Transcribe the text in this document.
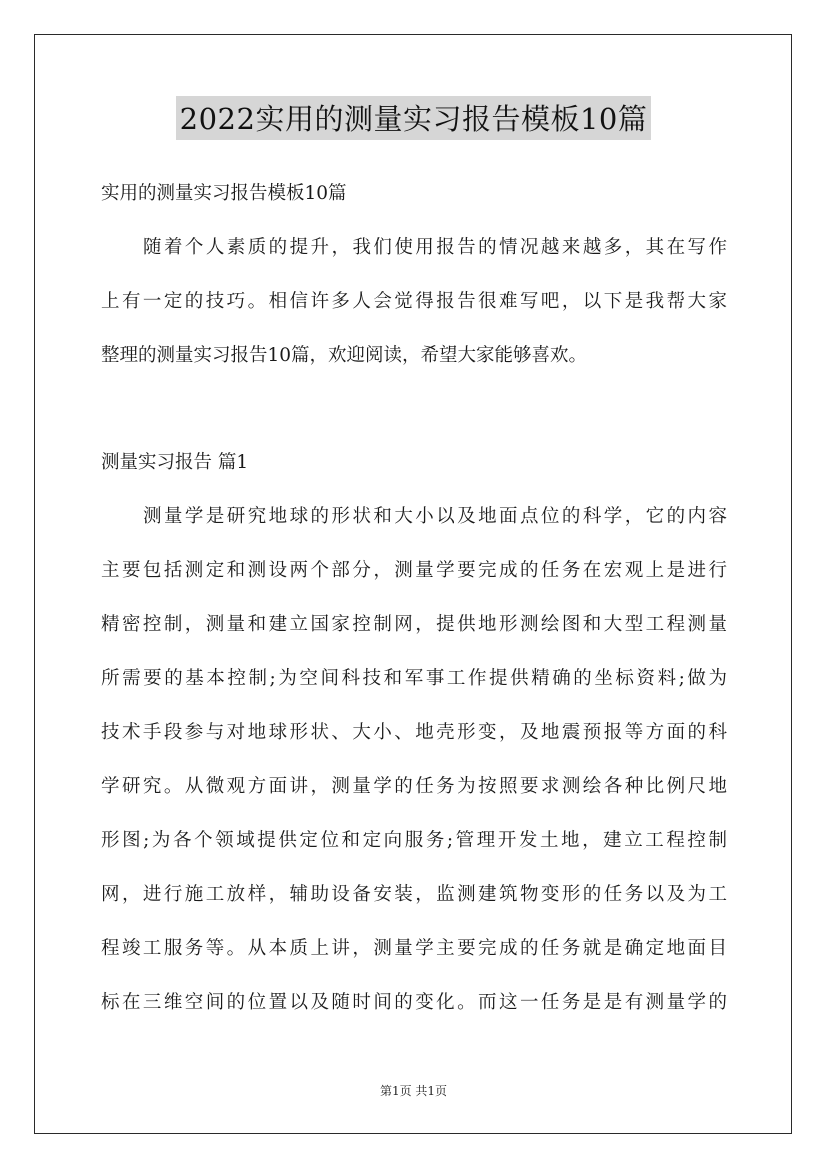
2022实用的测量实习报告模板10篇
实用的测量实习报告模板10篇
随着个人素质的提升，我们使用报告的情况越来越多，其在写作
上有一定的技巧。相信许多人会觉得报告很难写吧，以下是我帮大家
整理的测量实习报告10篇，欢迎阅读，希望大家能够喜欢。
测量实习报告 篇1
测量学是研究地球的形状和大小以及地面点位的科学，它的内容
主要包括测定和测设两个部分，测量学要完成的任务在宏观上是进行
精密控制，测量和建立国家控制网，提供地形测绘图和大型工程测量
所需要的基本控制;为空间科技和军事工作提供精确的坐标资料;做为
技术手段参与对地球形状、大小、地壳形变，及地震预报等方面的科
学研究。从微观方面讲，测量学的任务为按照要求测绘各种比例尺地
形图;为各个领域提供定位和定向服务;管理开发土地，建立工程控制
网，进行施工放样，辅助设备安装，监测建筑物变形的任务以及为工
程竣工服务等。从本质上讲，测量学主要完成的任务就是确定地面目
标在三维空间的位置以及随时间的变化。而这一任务是是有测量学的
第1页 共1页
